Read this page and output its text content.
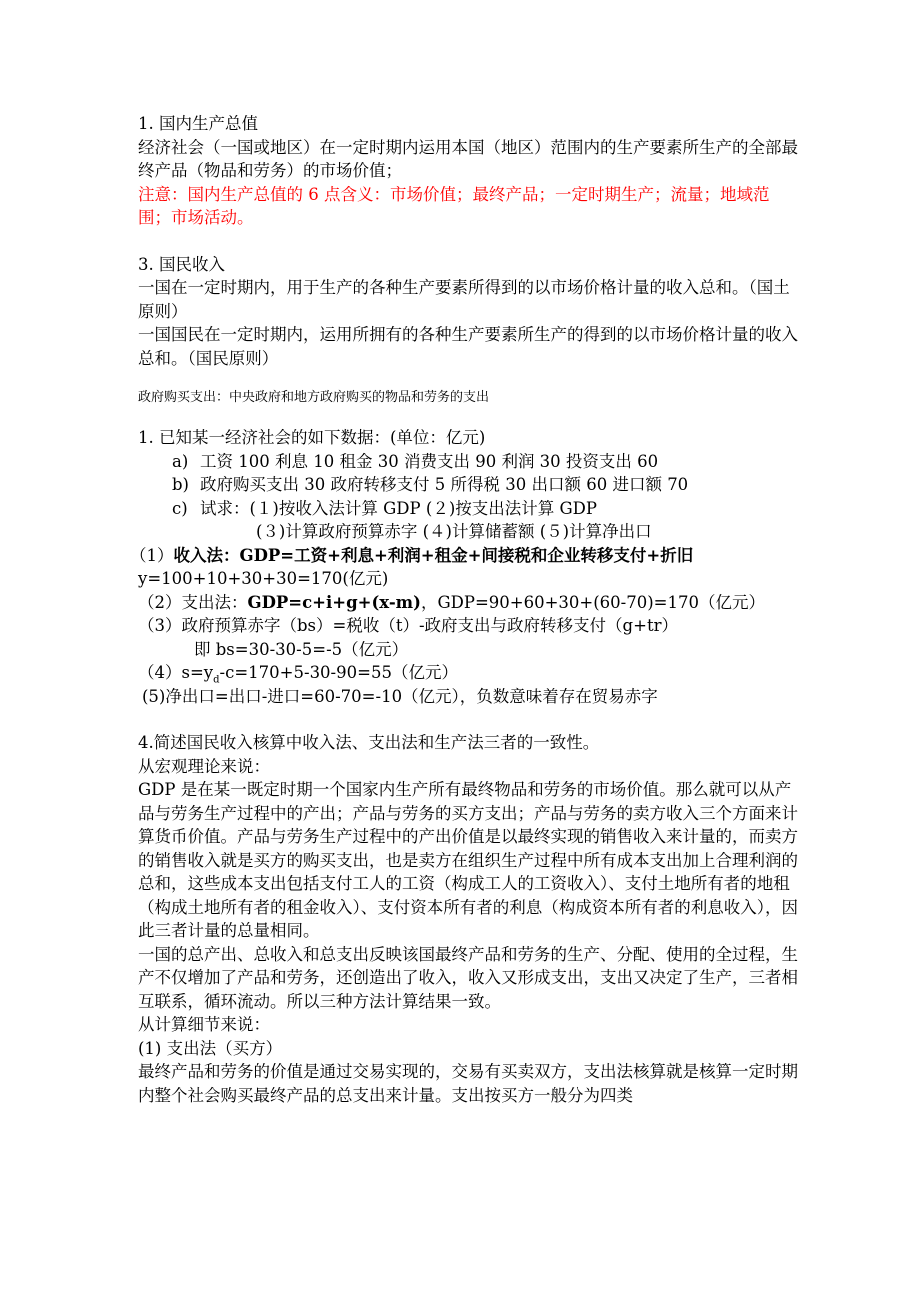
1. 国内生产总值
经济社会（一国或地区）在一定时期内运用本国（地区）范围内的生产要素所生产的全部最终产品（物品和劳务）的市场价值；
注意：国内生产总值的 6 点含义：市场价值；最终产品；一定时期生产；流量；地域范围；市场活动。
3. 国民收入
一国在一定时期内，用于生产的各种生产要素所得到的以市场价格计量的收入总和。（国土原则）
一国国民在一定时期内，运用所拥有的各种生产要素所生产的得到的以市场价格计量的收入总和。（国民原则）
政府购买支出：中央政府和地方政府购买的物品和劳务的支出
1. 已知某一经济社会的如下数据：(单位：亿元)
a) 工资 100 利息 10 租金 30 消费支出 90 利润 30 投资支出 60
b) 政府购买支出 30 政府转移支付 5 所得税 30 出口额 60 进口额 70
c) 试求：(１)按收入法计算 GDP (２)按支出法计算 GDP
(３)计算政府预算赤字 (４)计算储蓄额 (５)计算净出口
（1）收入法：GDP=工资+利息+利润+租金+间接税和企业转移支付+折旧
y=100+10+30+30=170(亿元)
（2）支出法：GDP=c+i+g+(x-m)，GDP=90+60+30+(60-70)=170（亿元）
（3）政府预算赤字（bs）=税收（t）-政府支出与政府转移支付（g+tr）
即 bs=30-30-5=-5（亿元）
$(4)s=y_d-c=170+5-30-90=55$（亿元）
(5)净出口=出口-进口=60-70=-10（亿元），负数意味着存在贸易赤字
4.简述国民收入核算中收入法、支出法和生产法三者的一致性。
从宏观理论来说：
GDP 是在某一既定时期一个国家内生产所有最终物品和劳务的市场价值。那么就可以从产品与劳务生产过程中的产出；产品与劳务的买方支出；产品与劳务的卖方收入三个方面来计算货币价值。产品与劳务生产过程中的产出价值是以最终实现的销售收入来计量的，而卖方的销售收入就是买方的购买支出，也是卖方在组织生产过程中所有成本支出加上合理利润的总和，这些成本支出包括支付工人的工资（构成工人的工资收入）、支付土地所有者的地租（构成土地所有者的租金收入）、支付资本所有者的利息（构成资本所有者的利息收入），因此三者计量的总量相同。
一国的总产出、总收入和总支出反映该国最终产品和劳务的生产、分配、使用的全过程，生产不仅增加了产品和劳务，还创造出了收入，收入又形成支出，支出又决定了生产，三者相互联系，循环流动。所以三种方法计算结果一致。
从计算细节来说：
(1) 支出法（买方）
最终产品和劳务的价值是通过交易实现的，交易有买卖双方，支出法核算就是核算一定时期内整个社会购买最终产品的总支出来计量。支出按买方一般分为四类
